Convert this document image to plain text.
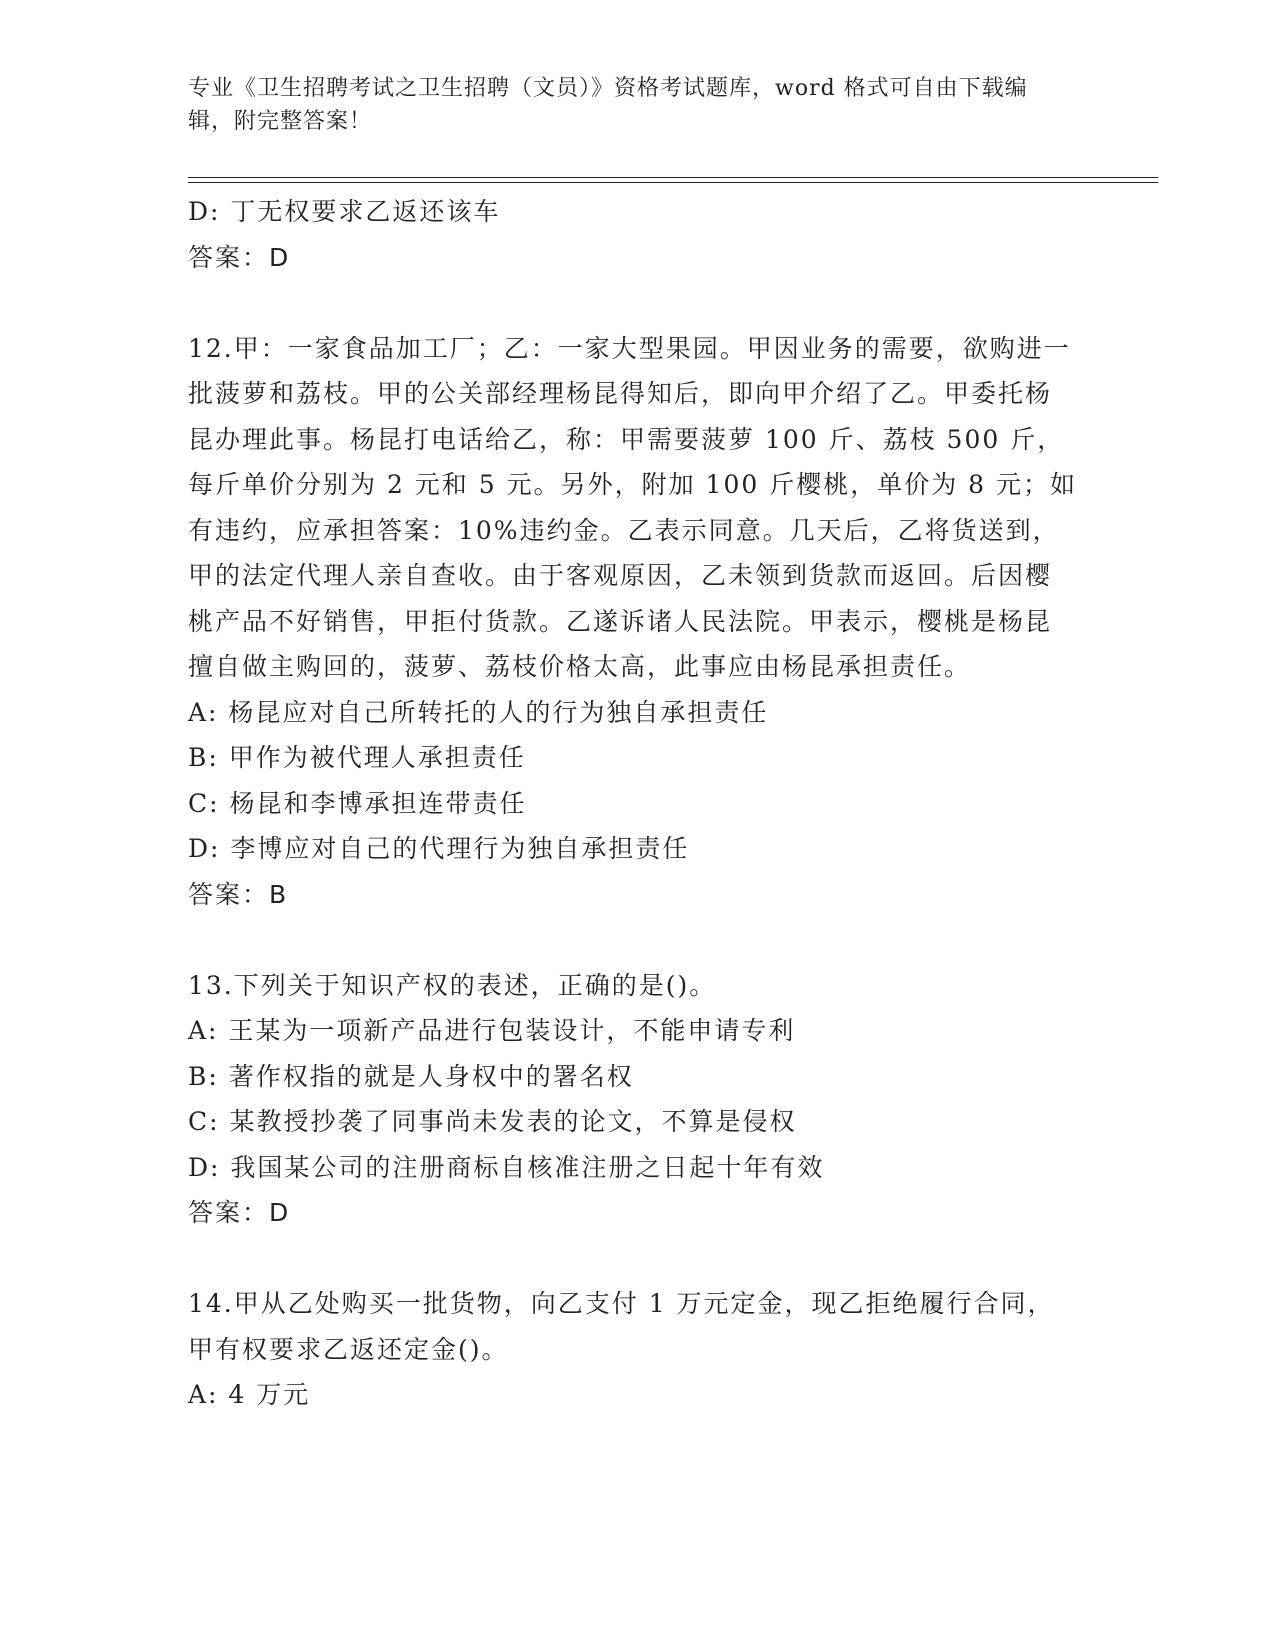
专业《卫生招聘考试之卫生招聘（文员）》资格考试题库，word 格式可自由下载编辑，附完整答案！
D: 丁无权要求乙返还该车
答案：D
12.甲：一家食品加工厂；乙：一家大型果园。甲因业务的需要，欲购进一批菠萝和荔枝。甲的公关部经理杨昆得知后，即向甲介绍了乙。甲委托杨昆办理此事。杨昆打电话给乙，称：甲需要菠萝 100 斤、荔枝 500 斤，每斤单价分别为 2 元和 5 元。另外，附加 100 斤樱桃，单价为 8 元；如有违约，应承担答案：10%违约金。乙表示同意。几天后，乙将货送到，甲的法定代理人亲自查收。由于客观原因，乙未领到货款而返回。后因樱桃产品不好销售，甲拒付货款。乙遂诉诸人民法院。甲表示，樱桃是杨昆擅自做主购回的，菠萝、荔枝价格太高，此事应由杨昆承担责任。
A: 杨昆应对自己所转托的人的行为独自承担责任
B: 甲作为被代理人承担责任
C: 杨昆和李博承担连带责任
D: 李博应对自己的代理行为独自承担责任
答案：B
13.下列关于知识产权的表述，正确的是()。
A: 王某为一项新产品进行包装设计，不能申请专利
B: 著作权指的就是人身权中的署名权
C: 某教授抄袭了同事尚未发表的论文，不算是侵权
D: 我国某公司的注册商标自核准注册之日起十年有效
答案：D
14.甲从乙处购买一批货物，向乙支付 1 万元定金，现乙拒绝履行合同，甲有权要求乙返还定金()。
A: 4 万元
